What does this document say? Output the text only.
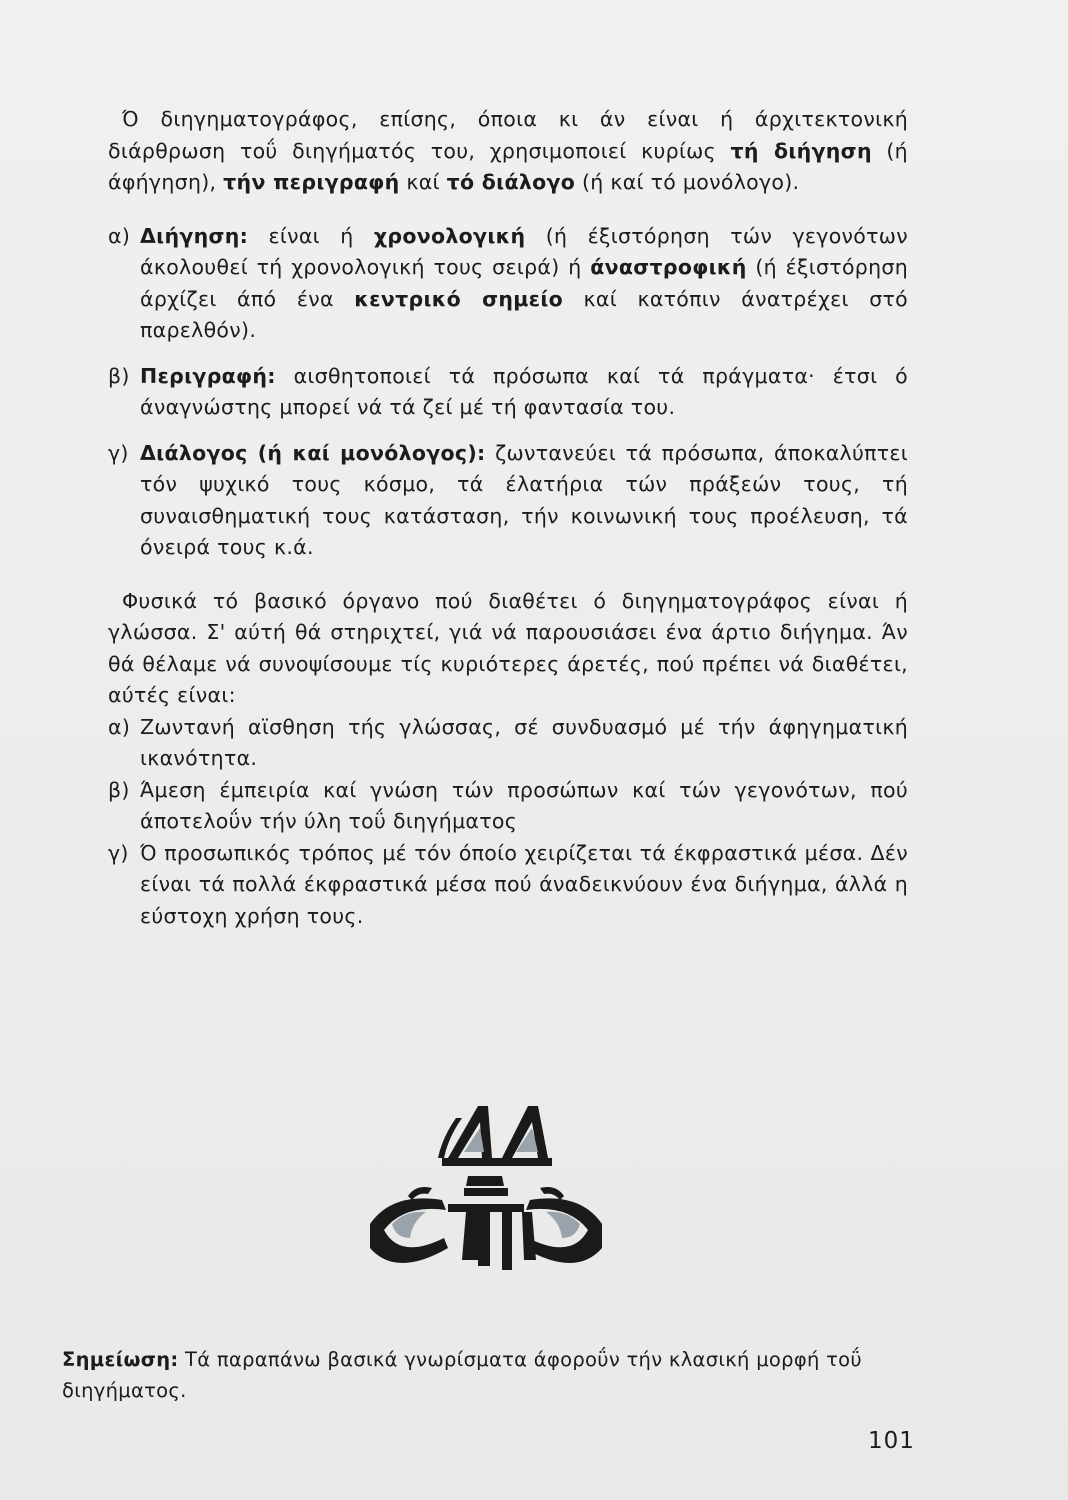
Ό διηγηματογράφος, επίσης, όποια κι άν είναι ή άρχιτεκτονική διάρθρωση τοΰ διηγήματός του, χρησιμοποιεί κυρίως τή διήγηση (ή άφήγηση), τήν περιγραφή καί τό διάλογο (ή καί τό μονόλογο).

α) Διήγηση: είναι ή χρονολογική (ή έξιστόρηση τών γεγονότων άκολουθεί τή χρονολογική τους σειρά) ή άναστροφική (ή έξιστόρηση άρχίζει άπό ένα κεντρικό σημείο καί κατόπιν άνατρέχει στό παρελθόν).
β) Περιγραφή: αισθητοποιεί τά πρόσωπα καί τά πράγματα· έτσι ό άναγνώστης μπορεί νά τά ζεί μέ τή φαντασία του.
γ) Διάλογος (ή καί μονόλογος): ζωντανεύει τά πρόσωπα, άποκαλύπτει τόν ψυχικό τους κόσμο, τά έλατήρια τών πράξεών τους, τή συναισθηματική τους κατάσταση, τήν κοινωνική τους προέλευση, τά όνειρά τους κ.ά.

Φυσικά τό βασικό όργανο πού διαθέτει ό διηγηματογράφος είναι ή γλώσσα. Σ' αύτή θά στηριχτεί, γιά νά παρουσιάσει ένα άρτιο διήγημα. Άν θά θέλαμε νά συνοψίσουμε τίς κυριότερες άρετές, πού πρέπει νά διαθέτει, αύτές είναι:

α) Ζωντανή αϊσθηση τής γλώσσας, σέ συνδυασμό μέ τήν άφηγηματική ικανότητα.
β) Άμεση έμπειρία καί γνώση τών προσώπων καί τών γεγονότων, πού άποτελοΰν τήν ύλη τοΰ διηγήματος
γ) Ό προσωπικός τρόπος μέ τόν όποίο χειρίζεται τά έκφραστικά μέσα. Δέν είναι τά πολλά έκφραστικά μέσα πού άναδεικνύουν ένα διήγημα, άλλά η εύστοχη χρήση τους.
Σημείωση: Τά παραπάνω βασικά γνωρίσματα άφοροΰν τήν κλασική μορφή τοΰ διηγήματος.
101
